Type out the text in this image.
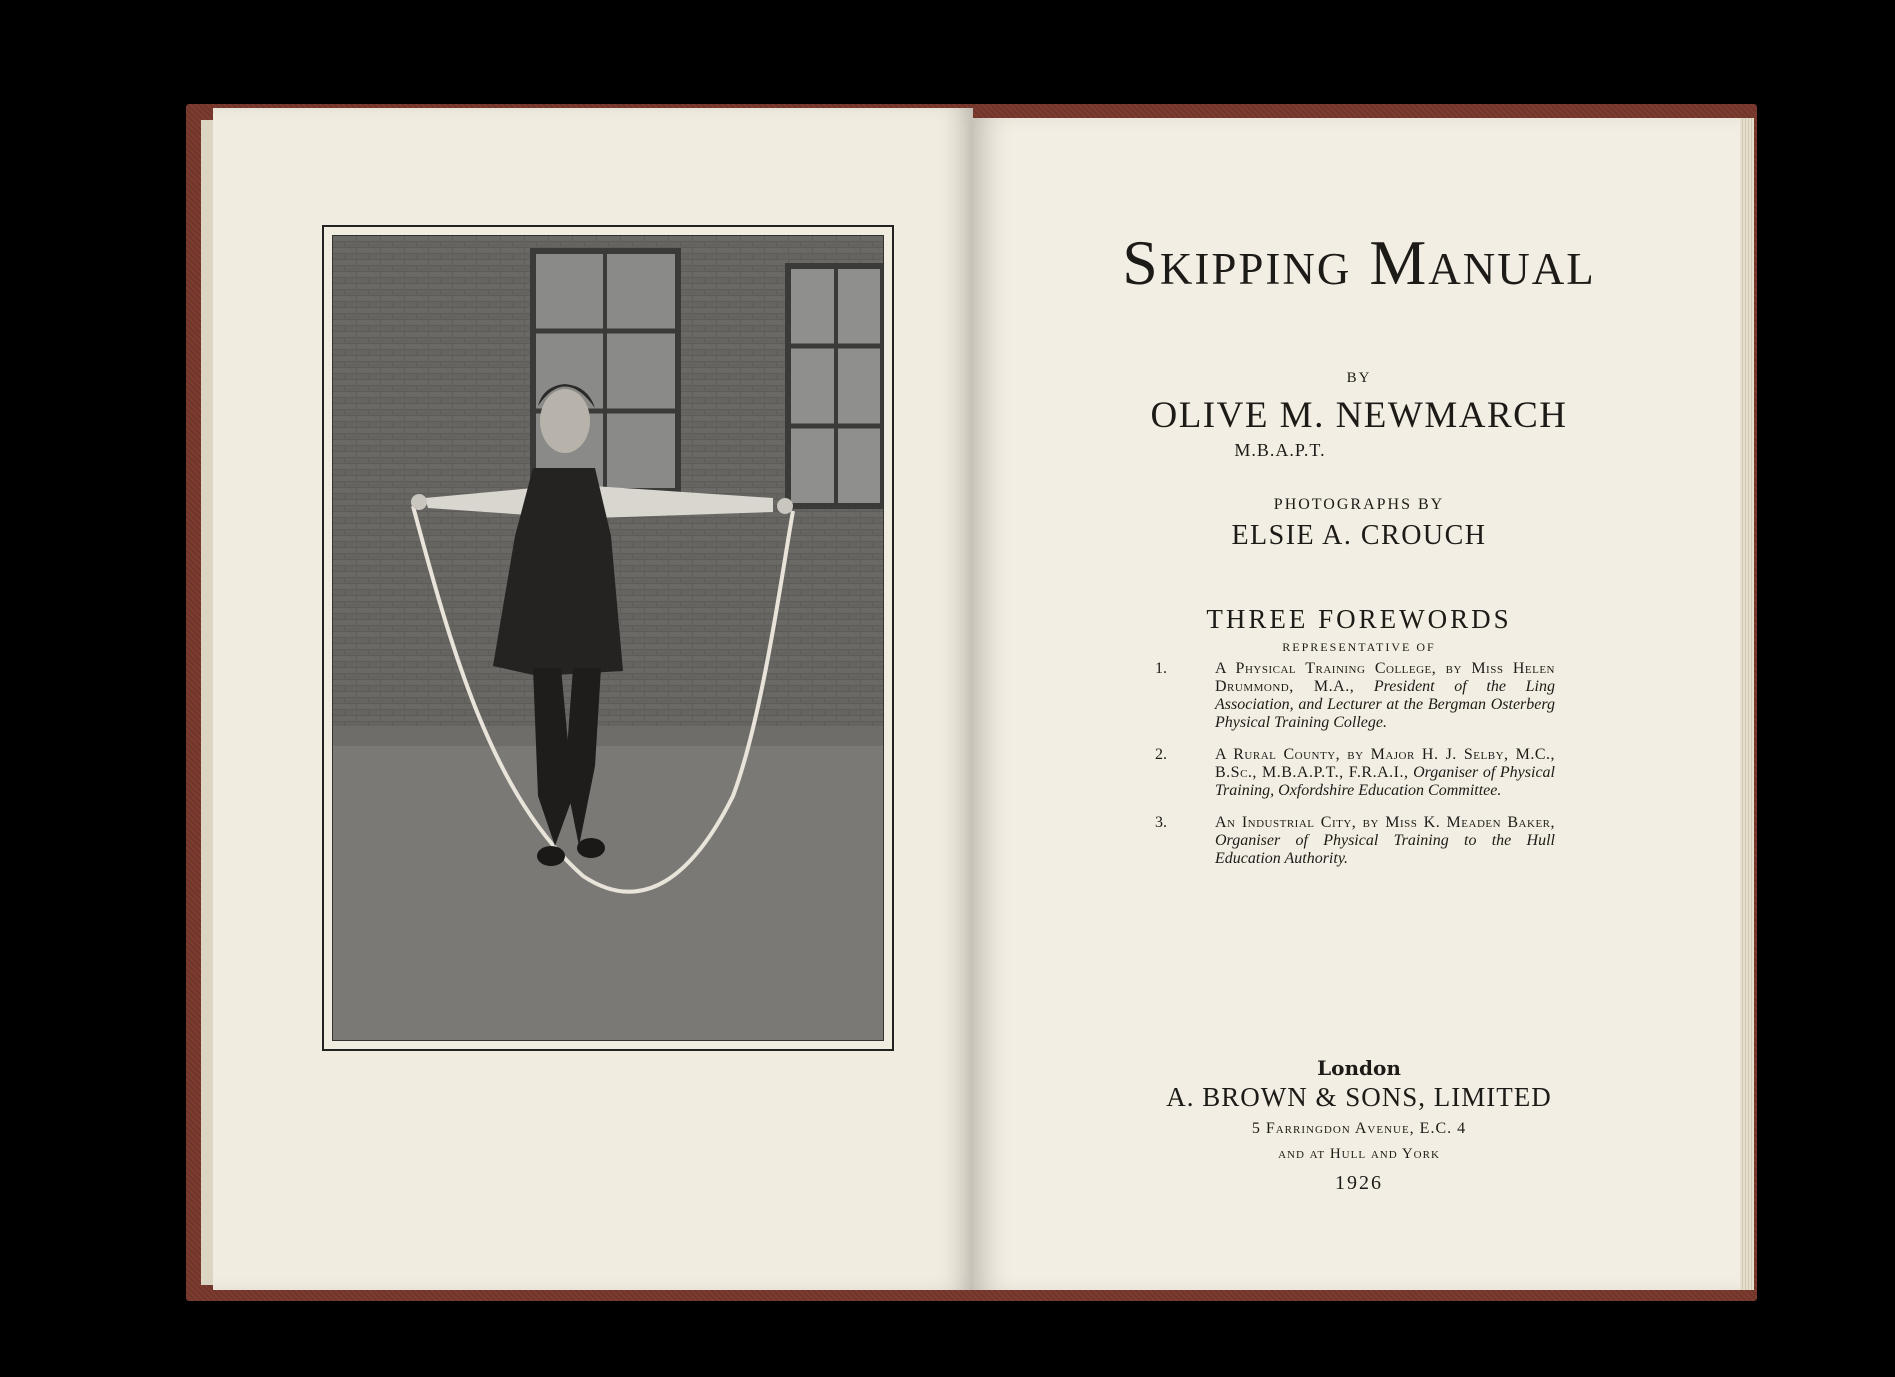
Skipping Manual
BY
OLIVE M. NEWMARCH
M.B.A.P.T.
PHOTOGRAPHS BY
ELSIE A. CROUCH
THREE FOREWORDS
REPRESENTATIVE OF
1.	A Physical Training College, by Miss Helen Drummond, M.A., President of the Ling Association, and Lecturer at the Bergman Osterberg Physical Training College.
2.	A Rural County, by Major H. J. Selby, M.C., B.Sc., M.B.A.P.T., F.R.A.I., Organiser of Physical Training, Oxfordshire Education Committee.
3.	An Industrial City, by Miss K. Meaden Baker, Organiser of Physical Training to the Hull Education Authority.
London
A. BROWN & SONS, LIMITED
5 Farringdon Avenue, E.C. 4
and at Hull and York
1926
